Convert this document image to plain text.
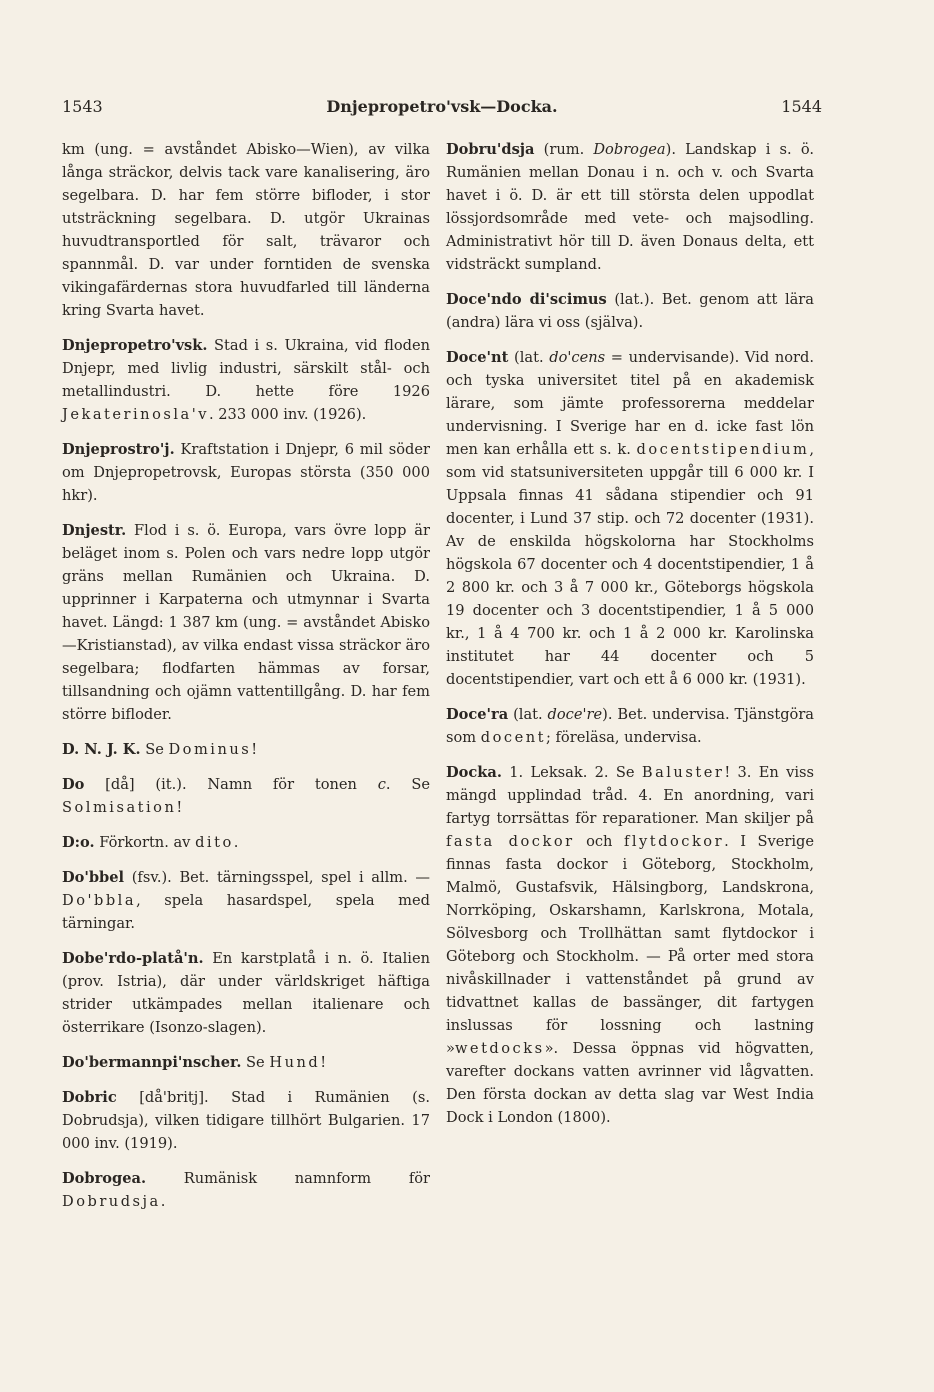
1543	Dnjepropetro'vsk—Docka.	1544

km (ung. = avståndet Abisko—Wien), av vilka långa sträckor, delvis tack vare kanalisering, äro segelbara. D. har fem större bifloder, i stor utsträckning segelbara. D. utgör Ukrainas huvudtransportled för salt, trävaror och spannmål. D. var under forntiden de svenska vikingafärdernas stora huvudfarled till länderna kring Svarta havet.

Dnjepropetro'vsk. Stad i s. Ukraina, vid floden Dnjepr, med livlig industri, särskilt stål- och metallindustri. D. hette före 1926 Jekaterinosla'v. 233 000 inv. (1926).

Dnjeprostro'j. Kraftstation i Dnjepr, 6 mil söder om Dnjepropetrovsk, Europas största (350 000 hkr).

Dnjestr. Flod i s. ö. Europa, vars övre lopp är beläget inom s. Polen och vars nedre lopp utgör gräns mellan Rumänien och Ukraina. D. upprinner i Karpaterna och utmynnar i Svarta havet. Längd: 1 387 km (ung. = avståndet Abisko—Kristianstad), av vilka endast vissa sträckor äro segelbara; flodfarten hämmas av forsar, tillsandning och ojämn vattentillgång. D. har fem större bifloder.

D. N. J. K. Se Dominus!

Do [då] (it.). Namn för tonen c. Se Solmisation!

D:o. Förkortn. av dito.

Do'bbel (fsv.). Bet. tärningsspel, spel i allm. — Do'bbla, spela hasardspel, spela med tärningar.

Dobe'rdo-platå'n. En karstplatå i n. ö. Italien (prov. Istria), där under världskriget häftiga strider utkämpades mellan italienare och österrikare (Isonzo-slagen).

Do'bermannpi'nscher. Se Hund!

Dobric [då'britj]. Stad i Rumänien (s. Dobrudsja), vilken tidigare tillhört Bulgarien. 17 000 inv. (1919).

Dobrogea. Rumänisk namnform för Dobrudsja.

Dobru'dsja (rum. Dobrogea). Landskap i s. ö. Rumänien mellan Donau i n. och v. och Svarta havet i ö. D. är ett till största delen uppodlat lössjordsområde med vete- och majsodling. Administrativt hör till D. även Donaus delta, ett vidsträckt sumpland.

Doce'ndo di'scimus (lat.). Bet. genom att lära (andra) lära vi oss (själva).

Doce'nt (lat. do'cens = undervisande). Vid nord. och tyska universitet titel på en akademisk lärare, som jämte professorerna meddelar undervisning. I Sverige har en d. icke fast lön men kan erhålla ett s. k. docentstipendium, som vid statsuniversiteten uppgår till 6 000 kr. I Uppsala finnas 41 sådana stipendier och 91 docenter, i Lund 37 stip. och 72 docenter (1931). Av de enskilda högskolorna har Stockholms högskola 67 docenter och 4 docentstipendier, 1 å 2 800 kr. och 3 å 7 000 kr., Göteborgs högskola 19 docenter och 3 docentstipendier, 1 å 5 000 kr., 1 å 4 700 kr. och 1 å 2 000 kr. Karolinska institutet har 44 docenter och 5 docentstipendier, vart och ett å 6 000 kr. (1931).

Doce'ra (lat. doce're). Bet. undervisa. Tjänstgöra som docent; föreläsa, undervisa.

Docka. 1. Leksak. 2. Se Baluster! 3. En viss mängd upplindad tråd. 4. En anordning, vari fartyg torrsättas för reparationer. Man skiljer på fasta dockor och flytdockor. I Sverige finnas fasta dockor i Göteborg, Stockholm, Malmö, Gustafsvik, Hälsingborg, Landskrona, Norrköping, Oskarshamn, Karlskrona, Motala, Sölvesborg och Trollhättan samt flytdockor i Göteborg och Stockholm. — På orter med stora nivåskillnader i vattenståndet på grund av tidvattnet kallas de bassänger, dit fartygen inslussas för lossning och lastning »wetdocks». Dessa öppnas vid högvatten, varefter dockans vatten avrinner vid lågvatten. Den första dockan av detta slag var West India Dock i London (1800).
